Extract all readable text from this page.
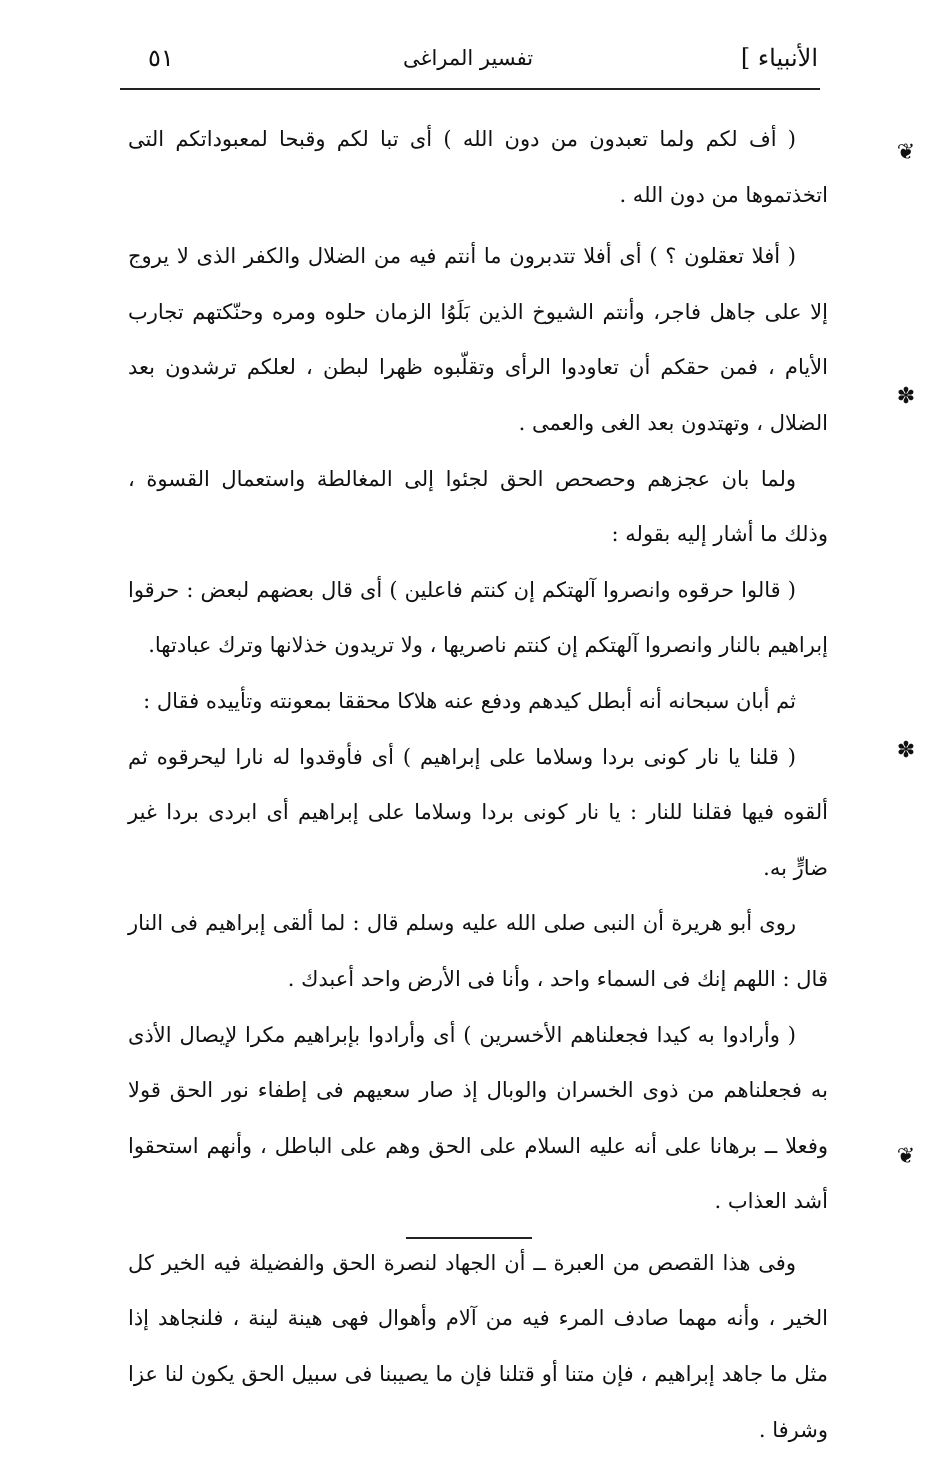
الأنبياء ]
تفسير المراغى
٥١

( أف لكم ولما تعبدون من دون الله ) أى تبا لكم وقبحا لمعبوداتكم التى اتخذتموها من دون الله .

( أفلا تعقلون ؟ ) أى أفلا تتدبرون ما أنتم فيه من الضلال والكفر الذى لا يروج إلا على جاهل فاجر، وأنتم الشيوخ الذين بَلَوُا الزمان حلوه ومره وحنّكتهم تجارب الأيام ، فمن حقكم أن تعاودوا الرأى وتقلّبوه ظهرا لبطن ، لعلكم ترشدون بعد الضلال ، وتهتدون بعد الغى والعمى .

ولما بان عجزهم وحصحص الحق لجئوا إلى المغالطة واستعمال القسوة ، وذلك ما أشار إليه بقوله :

( قالوا حرقوه وانصروا آلهتكم إن كنتم فاعلين ) أى قال بعضهم لبعض : حرقوا إبراهيم بالنار وانصروا آلهتكم إن كنتم ناصريها ، ولا تريدون خذلانها وترك عبادتها.

ثم أبان سبحانه أنه أبطل كيدهم ودفع عنه هلاكا محققا بمعونته وتأييده فقال :

( قلنا يا نار كونى بردا وسلاما على إبراهيم ) أى فأوقدوا له نارا ليحرقوه ثم ألقوه فيها فقلنا للنار : يا نار كونى بردا وسلاما على إبراهيم أى ابردى بردا غير ضارٍّ به.

روى أبو هريرة أن النبى صلى الله عليه وسلم قال : لما ألقى إبراهيم فى النار قال : اللهم إنك فى السماء واحد ، وأنا فى الأرض واحد أعبدك .

( وأرادوا به كيدا فجعلناهم الأخسرين ) أى وأرادوا بإبراهيم مكرا لإيصال الأذى به فجعلناهم من ذوى الخسران والوبال إذ صار سعيهم فى إطفاء نور الحق قولا وفعلا ــ برهانا على أنه عليه السلام على الحق وهم على الباطل ، وأنهم استحقوا أشد العذاب .

وفى هذا القصص من العبرة ــ أن الجهاد لنصرة الحق والفضيلة فيه الخير كل الخير ، وأنه مهما صادف المرء فيه من آلام وأهوال فهى هينة لينة ، فلنجاهد إذا مثل ما جاهد إبراهيم ، فإن متنا أو قتلنا فإن ما يصيبنا فى سبيل الحق يكون لنا عزا وشرفا .

❦
✽
✽
❦
